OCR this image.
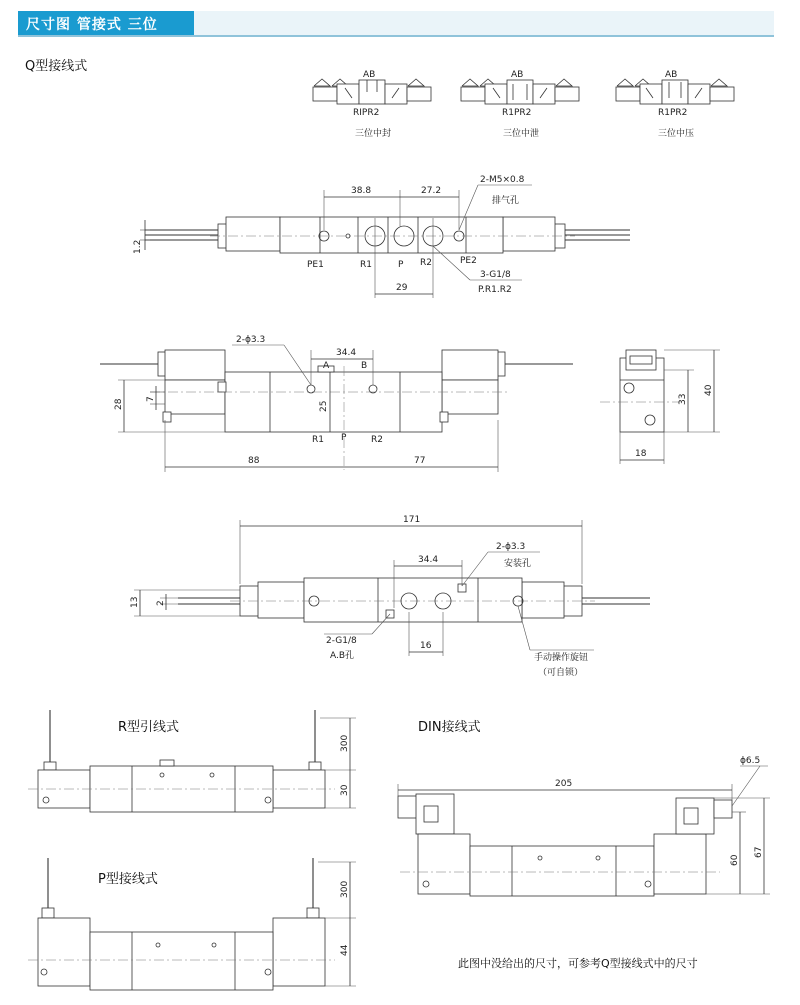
尺寸图 管接式 三位
Q型接线式
R型引线式
P型接线式
DIN接线式
此图中没给出的尺寸，可参考Q型接线式中的尺寸
AB
RIPR2
三位中封
AB
R1PR2
三位中泄
AB
R1PR2
三位中压
38.8	27.2
29
1.2
2-M5×0.8
排气孔
3-G1/8
P.R1.R2
PE1	R1	P R2	PE2
34.4
2-ϕ3.3
A	B
25
28 7
R1 P	R2
88	77
33
40
18
171
34.4
2-ϕ3.3
安装孔
13 2
2-G1/8
A.B孔
16
手动操作旋钮
（可自锁）
300
30
300
44
205
ϕ6.5
60
67
